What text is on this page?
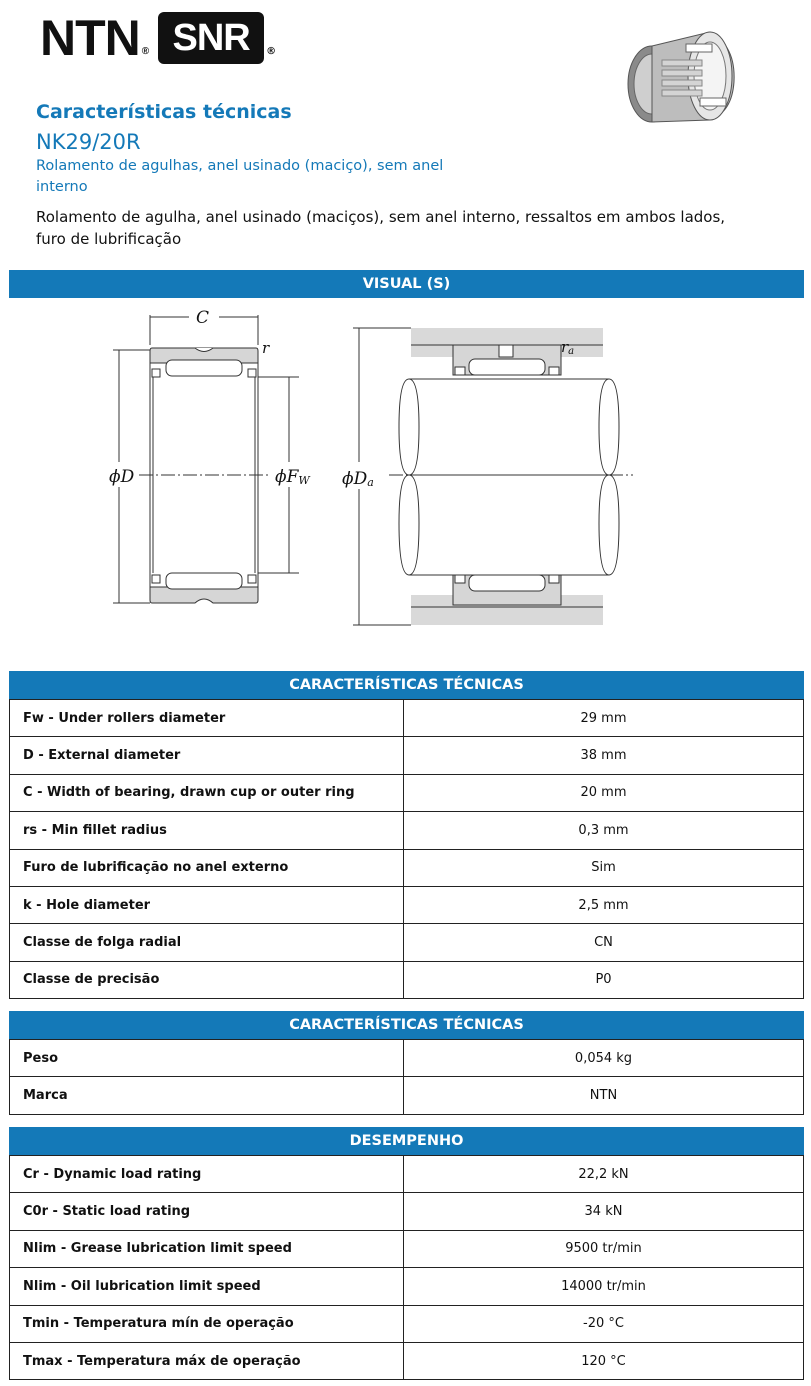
NTN ® SNR	®
Características técnicas
NK29/20R
Rolamento de agulhas, anel usinado (maciço), sem anel interno
Rolamento de agulha, anel usinado (maciços), sem anel interno, ressaltos em ambos lados, furo de lubrificação
VISUAL (S)
C
r
ϕD	ϕFW
ra
ϕDa
CARACTERÍSTICAS TÉCNICAS
Fw - Under rollers diameter	29 mm
D - External diameter	38 mm
C - Width of bearing, drawn cup or outer ring	20 mm
rs - Min fillet radius	0,3 mm
Furo de lubrificação no anel externo	Sim
k - Hole diameter	2,5 mm
Classe de folga radial	CN
Classe de precisão	P0
CARACTERÍSTICAS TÉCNICAS
Peso	0,054 kg
Marca	NTN
DESEMPENHO
Cr - Dynamic load rating	22,2 kN
C0r - Static load rating	34 kN
Nlim - Grease lubrication limit speed	9500 tr/min
Nlim - Oil lubrication limit speed	14000 tr/min
Tmin - Temperatura mín de operação	-20 °C
Tmax - Temperatura máx de operação	120 °C
